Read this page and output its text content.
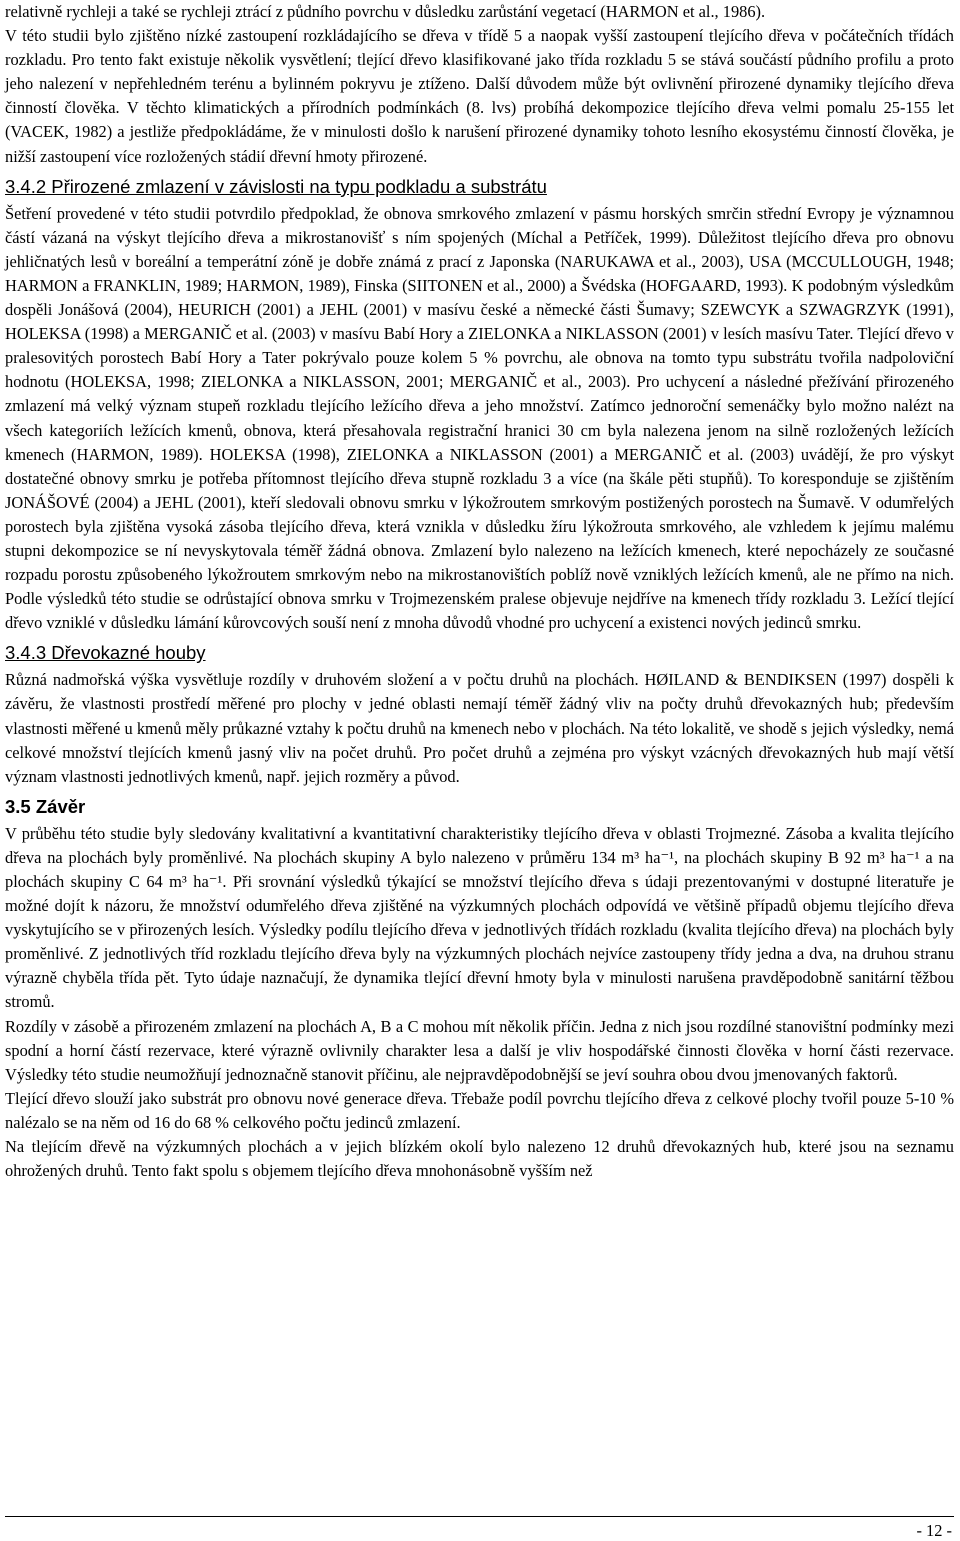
relativně rychleji a také se rychleji ztrácí z půdního povrchu v důsledku zarůstání vegetací (HARMON et al., 1986).

V této studii bylo zjištěno nízké zastoupení rozkládajícího se dřeva v třídě 5 a naopak vyšší zastoupení tlejícího dřeva v počátečních třídách rozkladu. Pro tento fakt existuje několik vysvětlení; tlející dřevo klasifikované jako třída rozkladu 5 se stává součástí půdního profilu a proto jeho nalezení v nepřehledném terénu a bylinném pokryvu je ztíženo. Další důvodem může být ovlivnění přirozené dynamiky tlejícího dřeva činností člověka. V těchto klimatických a přírodních podmínkách (8. lvs) probíhá dekompozice tlejícího dřeva velmi pomalu 25-155 let (VACEK, 1982) a jestliže předpokládáme, že v minulosti došlo k narušení přirozené dynamiky tohoto lesního ekosystému činností člověka, je nižší zastoupení více rozložených stádií dřevní hmoty přirozené.

3.4.2 Přirozené zmlazení v závislosti na typu podkladu a substrátu

Šetření provedené v této studii potvrdilo předpoklad, že obnova smrkového zmlazení v pásmu horských smrčin střední Evropy je významnou částí vázaná na výskyt tlejícího dřeva a mikrostanovišť s ním spojených (Míchal a Petříček, 1999). Důležitost tlejícího dřeva pro obnovu jehličnatých lesů v boreální a temperátní zóně je dobře známá z prací z Japonska (NARUKAWA et al., 2003), USA (MCCULLOUGH, 1948; HARMON a FRANKLIN, 1989; HARMON, 1989), Finska (SIITONEN et al., 2000) a Švédska (HOFGAARD, 1993). K podobným výsledkům dospěli Jonášová (2004), HEURICH (2001) a JEHL (2001) v masívu české a německé části Šumavy; SZEWCYK a SZWAGRZYK (1991), HOLEKSA (1998) a MERGANIČ et al. (2003) v masívu Babí Hory a ZIELONKA a NIKLASSON (2001) v lesích masívu Tater. Tlející dřevo v pralesovitých porostech Babí Hory a Tater pokrývalo pouze kolem 5 % povrchu, ale obnova na tomto typu substrátu tvořila nadpoloviční hodnotu (HOLEKSA, 1998; ZIELONKA a NIKLASSON, 2001; MERGANIČ et al., 2003). Pro uchycení a následné přežívání přirozeného zmlazení má velký význam stupeň rozkladu tlejícího ležícího dřeva a jeho množství. Zatímco jednoroční semenáčky bylo možno nalézt na všech kategoriích ležících kmenů, obnova, která přesahovala registrační hranici 30 cm byla nalezena jenom na silně rozložených ležících kmenech (HARMON, 1989). HOLEKSA (1998), ZIELONKA a NIKLASSON (2001) a MERGANIČ et al. (2003) uvádějí, že pro výskyt dostatečné obnovy smrku je potřeba přítomnost tlejícího dřeva stupně rozkladu 3 a více (na škále pěti stupňů). To koresponduje se zjištěním JONÁŠOVÉ (2004) a JEHL (2001), kteří sledovali obnovu smrku v lýkožroutem smrkovým postižených porostech na Šumavě. V odumřelých porostech byla zjištěna vysoká zásoba tlejícího dřeva, která vznikla v důsledku žíru lýkožrouta smrkového, ale vzhledem k jejímu malému stupni dekompozice se ní nevyskytovala téměř žádná obnova. Zmlazení bylo nalezeno na ležících kmenech, které nepocházely ze současné rozpadu porostu způsobeného lýkožroutem smrkovým nebo na mikrostanovištích poblíž nově vzniklých ležících kmenů, ale ne přímo na nich. Podle výsledků této studie se odrůstající obnova smrku v Trojmezenském pralese objevuje nejdříve na kmenech třídy rozkladu 3. Ležící tlející dřevo vzniklé v důsledku lámání kůrovcových souší není z mnoha důvodů vhodné pro uchycení a existenci nových jedinců smrku.

3.4.3 Dřevokazné houby

Různá nadmořská výška vysvětluje rozdíly v druhovém složení a v počtu druhů na plochách. HØILAND & BENDIKSEN (1997) dospěli k závěru, že vlastnosti prostředí měřené pro plochy v jedné oblasti nemají téměř žádný vliv na počty druhů dřevokazných hub; především vlastnosti měřené u kmenů měly průkazné vztahy k počtu druhů na kmenech nebo v plochách. Na této lokalitě, ve shodě s jejich výsledky, nemá celkové množství tlejících kmenů jasný vliv na počet druhů. Pro počet druhů a zejména pro výskyt vzácných dřevokazných hub mají větší význam vlastnosti jednotlivých kmenů, např. jejich rozměry a původ.

3.5 Závěr

V průběhu této studie byly sledovány kvalitativní a kvantitativní charakteristiky tlejícího dřeva v oblasti Trojmezné. Zásoba a kvalita tlejícího dřeva na plochách byly proměnlivé. Na plochách skupiny A bylo nalezeno v průměru 134 m³ ha⁻¹, na plochách skupiny B 92 m³ ha⁻¹ a na plochách skupiny C 64 m³ ha⁻¹. Při srovnání výsledků týkající se množství tlejícího dřeva s údaji prezentovanými v dostupné literatuře je možné dojít k názoru, že množství odumřelého dřeva zjištěné na výzkumných plochách odpovídá ve většině případů objemu tlejícího dřeva vyskytujícího se v přirozených lesích. Výsledky podílu tlejícího dřeva v jednotlivých třídách rozkladu (kvalita tlejícího dřeva) na plochách byly proměnlivé. Z jednotlivých tříd rozkladu tlejícího dřeva byly na výzkumných plochách nejvíce zastoupeny třídy jedna a dva, na druhou stranu výrazně chyběla třída pět. Tyto údaje naznačují, že dynamika tlející dřevní hmoty byla v minulosti narušena pravděpodobně sanitární těžbou stromů.

Rozdíly v zásobě a přirozeném zmlazení na plochách A, B a C mohou mít několik příčin. Jedna z nich jsou rozdílné stanovištní podmínky mezi spodní a horní částí rezervace, které výrazně ovlivnily charakter lesa a další je vliv hospodářské činnosti člověka v horní části rezervace. Výsledky této studie neumožňují jednoznačně stanovit příčinu, ale nejpravděpodobnější se jeví souhra obou dvou jmenovaných faktorů.

Tlející dřevo slouží jako substrát pro obnovu nové generace dřeva. Třebaže podíl povrchu tlejícího dřeva z celkové plochy tvořil pouze 5-10 % nalézalo se na něm od 16 do 68 % celkového počtu jedinců zmlazení.

Na tlejícím dřevě na výzkumných plochách a v jejich blízkém okolí bylo nalezeno 12 druhů dřevokazných hub, které jsou na seznamu ohrožených druhů. Tento fakt spolu s objemem tlejícího dřeva mnohonásobně vyšším než

- 12 -
